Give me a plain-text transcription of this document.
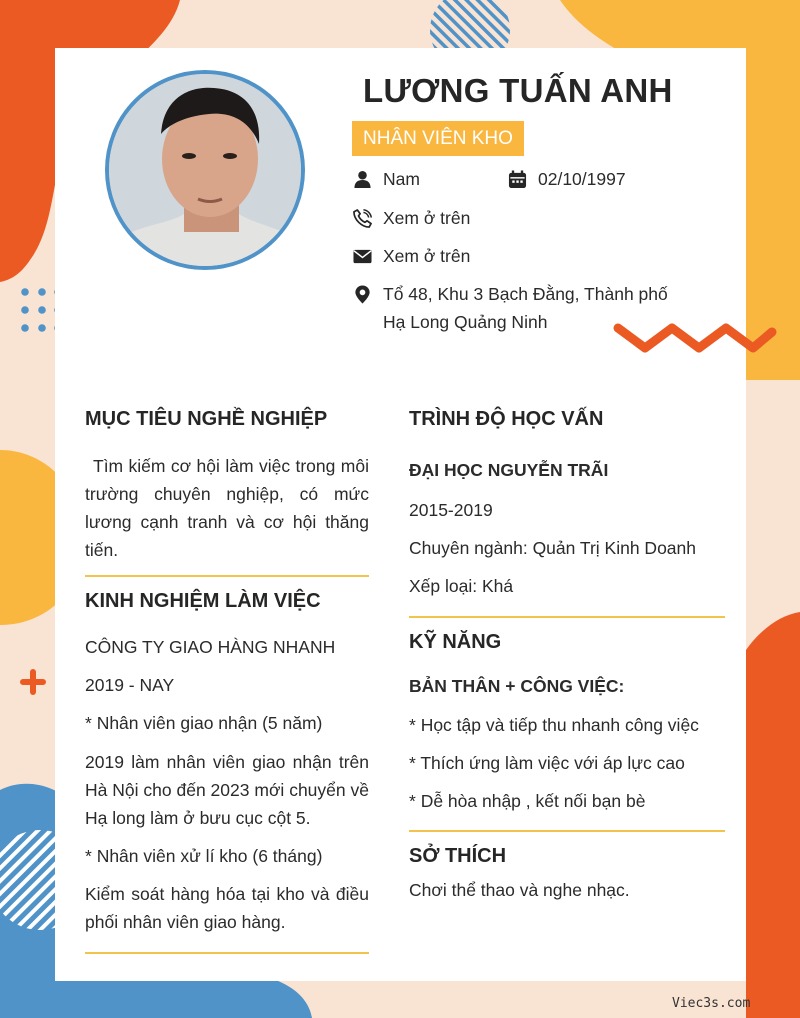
LƯƠNG TUẤN ANH
NHÂN VIÊN KHO
Nam	02/10/1997
Xem ở trên
Xem ở trên
Tổ 48, Khu 3 Bạch Đằng, Thành phố Hạ Long Quảng Ninh
MỤC TIÊU NGHỀ NGHIỆP
Tìm kiếm cơ hội làm việc trong môi trường chuyên nghiệp, có mức lương cạnh tranh và cơ hội thăng tiến.
KINH NGHIỆM LÀM VIỆC
CÔNG TY GIAO HÀNG NHANH
2019 - NAY
* Nhân viên giao nhận (5 năm)
2019 làm nhân viên giao nhận trên Hà Nội cho đến 2023 mới chuyển về Hạ long làm ở bưu cục cột 5.
* Nhân viên xử lí kho (6 tháng)
Kiểm soát hàng hóa tại kho và điều phối nhân viên giao hàng.
TRÌNH ĐỘ HỌC VẤN
ĐẠI HỌC NGUYỄN TRÃI
2015-2019
Chuyên ngành: Quản Trị Kinh Doanh
Xếp loại: Khá
KỸ NĂNG
BẢN THÂN + CÔNG VIỆC:
* Học tập và tiếp thu nhanh công việc
* Thích ứng làm việc với áp lực cao
* Dễ hòa nhập , kết nối bạn bè
SỞ THÍCH
Chơi thể thao và nghe nhạc.
Viec3s.com
